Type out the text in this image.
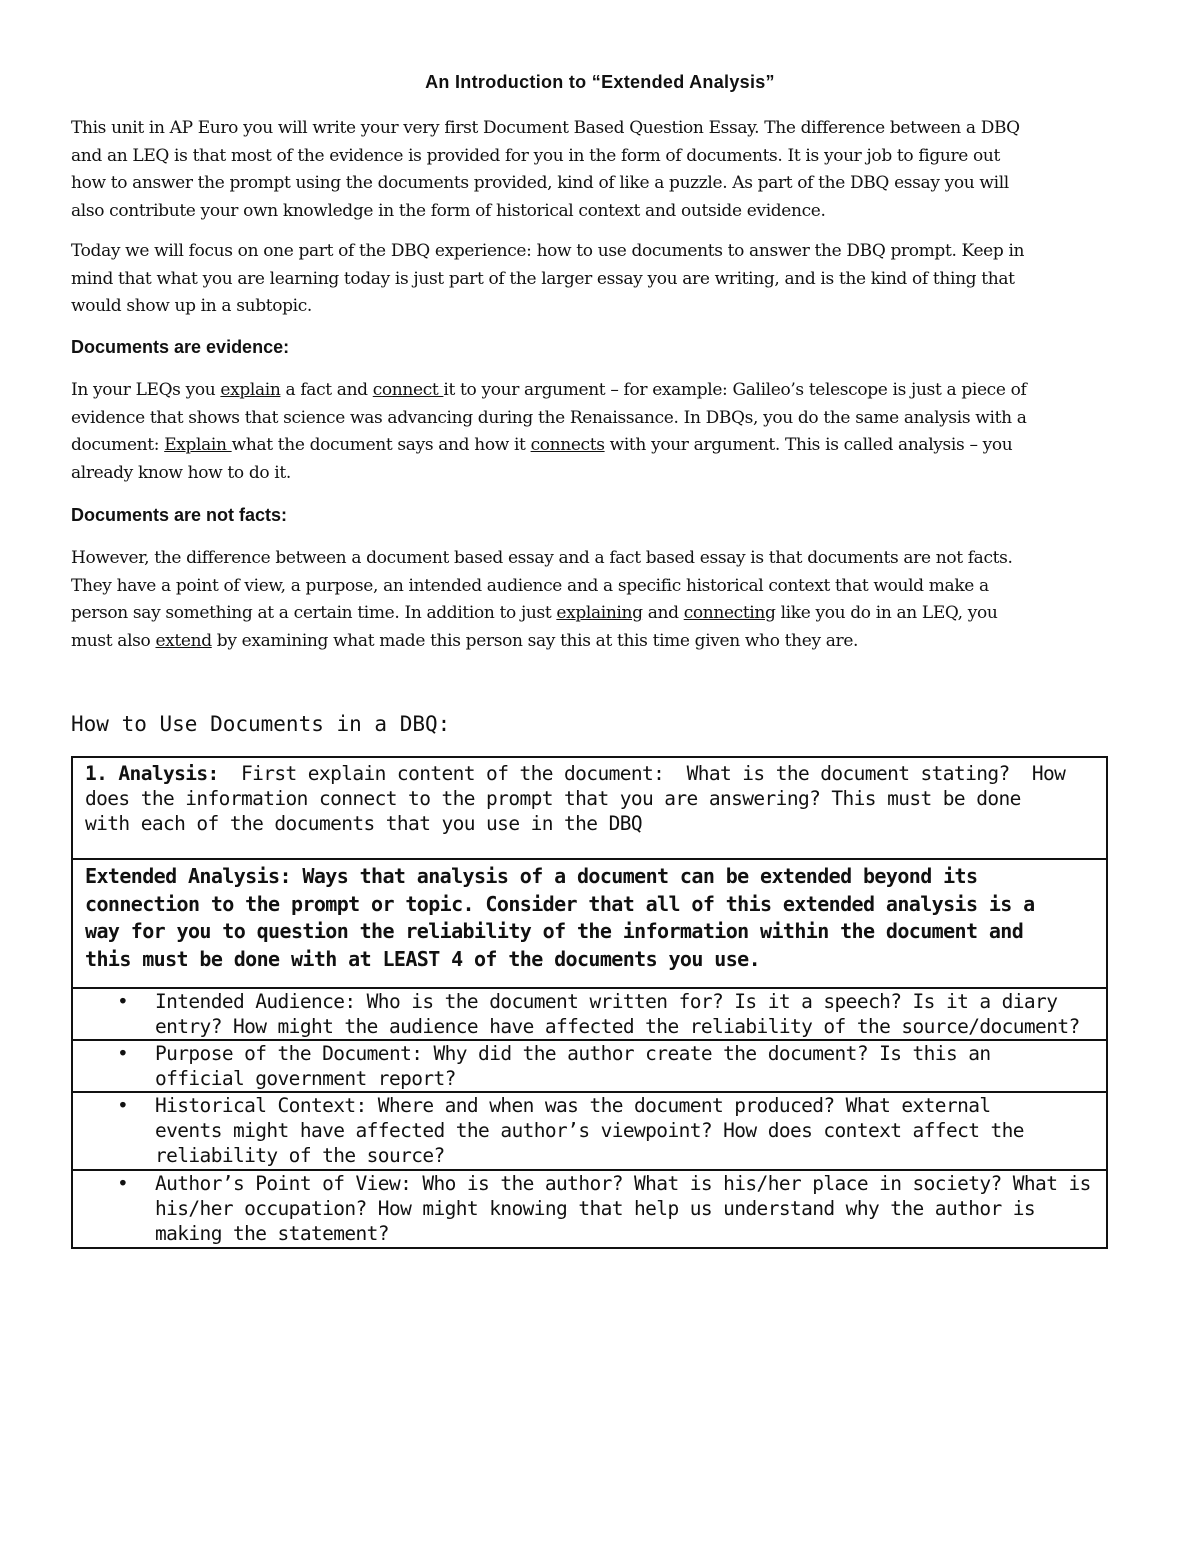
An Introduction to “Extended Analysis”
This unit in AP Euro you will write your very first Document Based Question Essay. The difference between a DBQ
and an LEQ is that most of the evidence is provided for you in the form of documents. It is your job to figure out
how to answer the prompt using the documents provided, kind of like a puzzle. As part of the DBQ essay you will
also contribute your own knowledge in the form of historical context and outside evidence.
Today we will focus on one part of the DBQ experience: how to use documents to answer the DBQ prompt. Keep in
mind that what you are learning today is just part of the larger essay you are writing, and is the kind of thing that
would show up in a subtopic.
Documents are evidence:
In your LEQs you explain a fact and connect it to your argument – for example: Galileo’s telescope is just a piece of
evidence that shows that science was advancing during the Renaissance. In DBQs, you do the same analysis with a
document: Explain what the document says and how it connects with your argument. This is called analysis – you
already know how to do it.
Documents are not facts:
However, the difference between a document based essay and a fact based essay is that documents are not facts.
They have a point of view, a purpose, an intended audience and a specific historical context that would make a
person say something at a certain time. In addition to just explaining and connecting like you do in an LEQ, you
must also extend by examining what made this person say this at this time given who they are.
How to Use Documents in a DBQ:
1. Analysis:  First explain content of the document:  What is the document stating?  How
does the information connect to the prompt that you are answering? This must be done
with each of the documents that you use in the DBQ

Extended Analysis: Ways that analysis of a document can be extended beyond its
connection to the prompt or topic. Consider that all of this extended analysis is a
way for you to question the reliability of the information within the document and
this must be done with at LEAST 4 of the documents you use.

• Intended Audience: Who is the document written for? Is it a speech? Is it a diary
entry? How might the audience have affected the reliability of the source/document?

• Purpose of the Document: Why did the author create the document? Is this an
official government report?

• Historical Context: Where and when was the document produced? What external
events might have affected the author’s viewpoint? How does context affect the
reliability of the source?

• Author’s Point of View: Who is the author? What is his/her place in society? What is
his/her occupation? How might knowing that help us understand why the author is
making the statement?
